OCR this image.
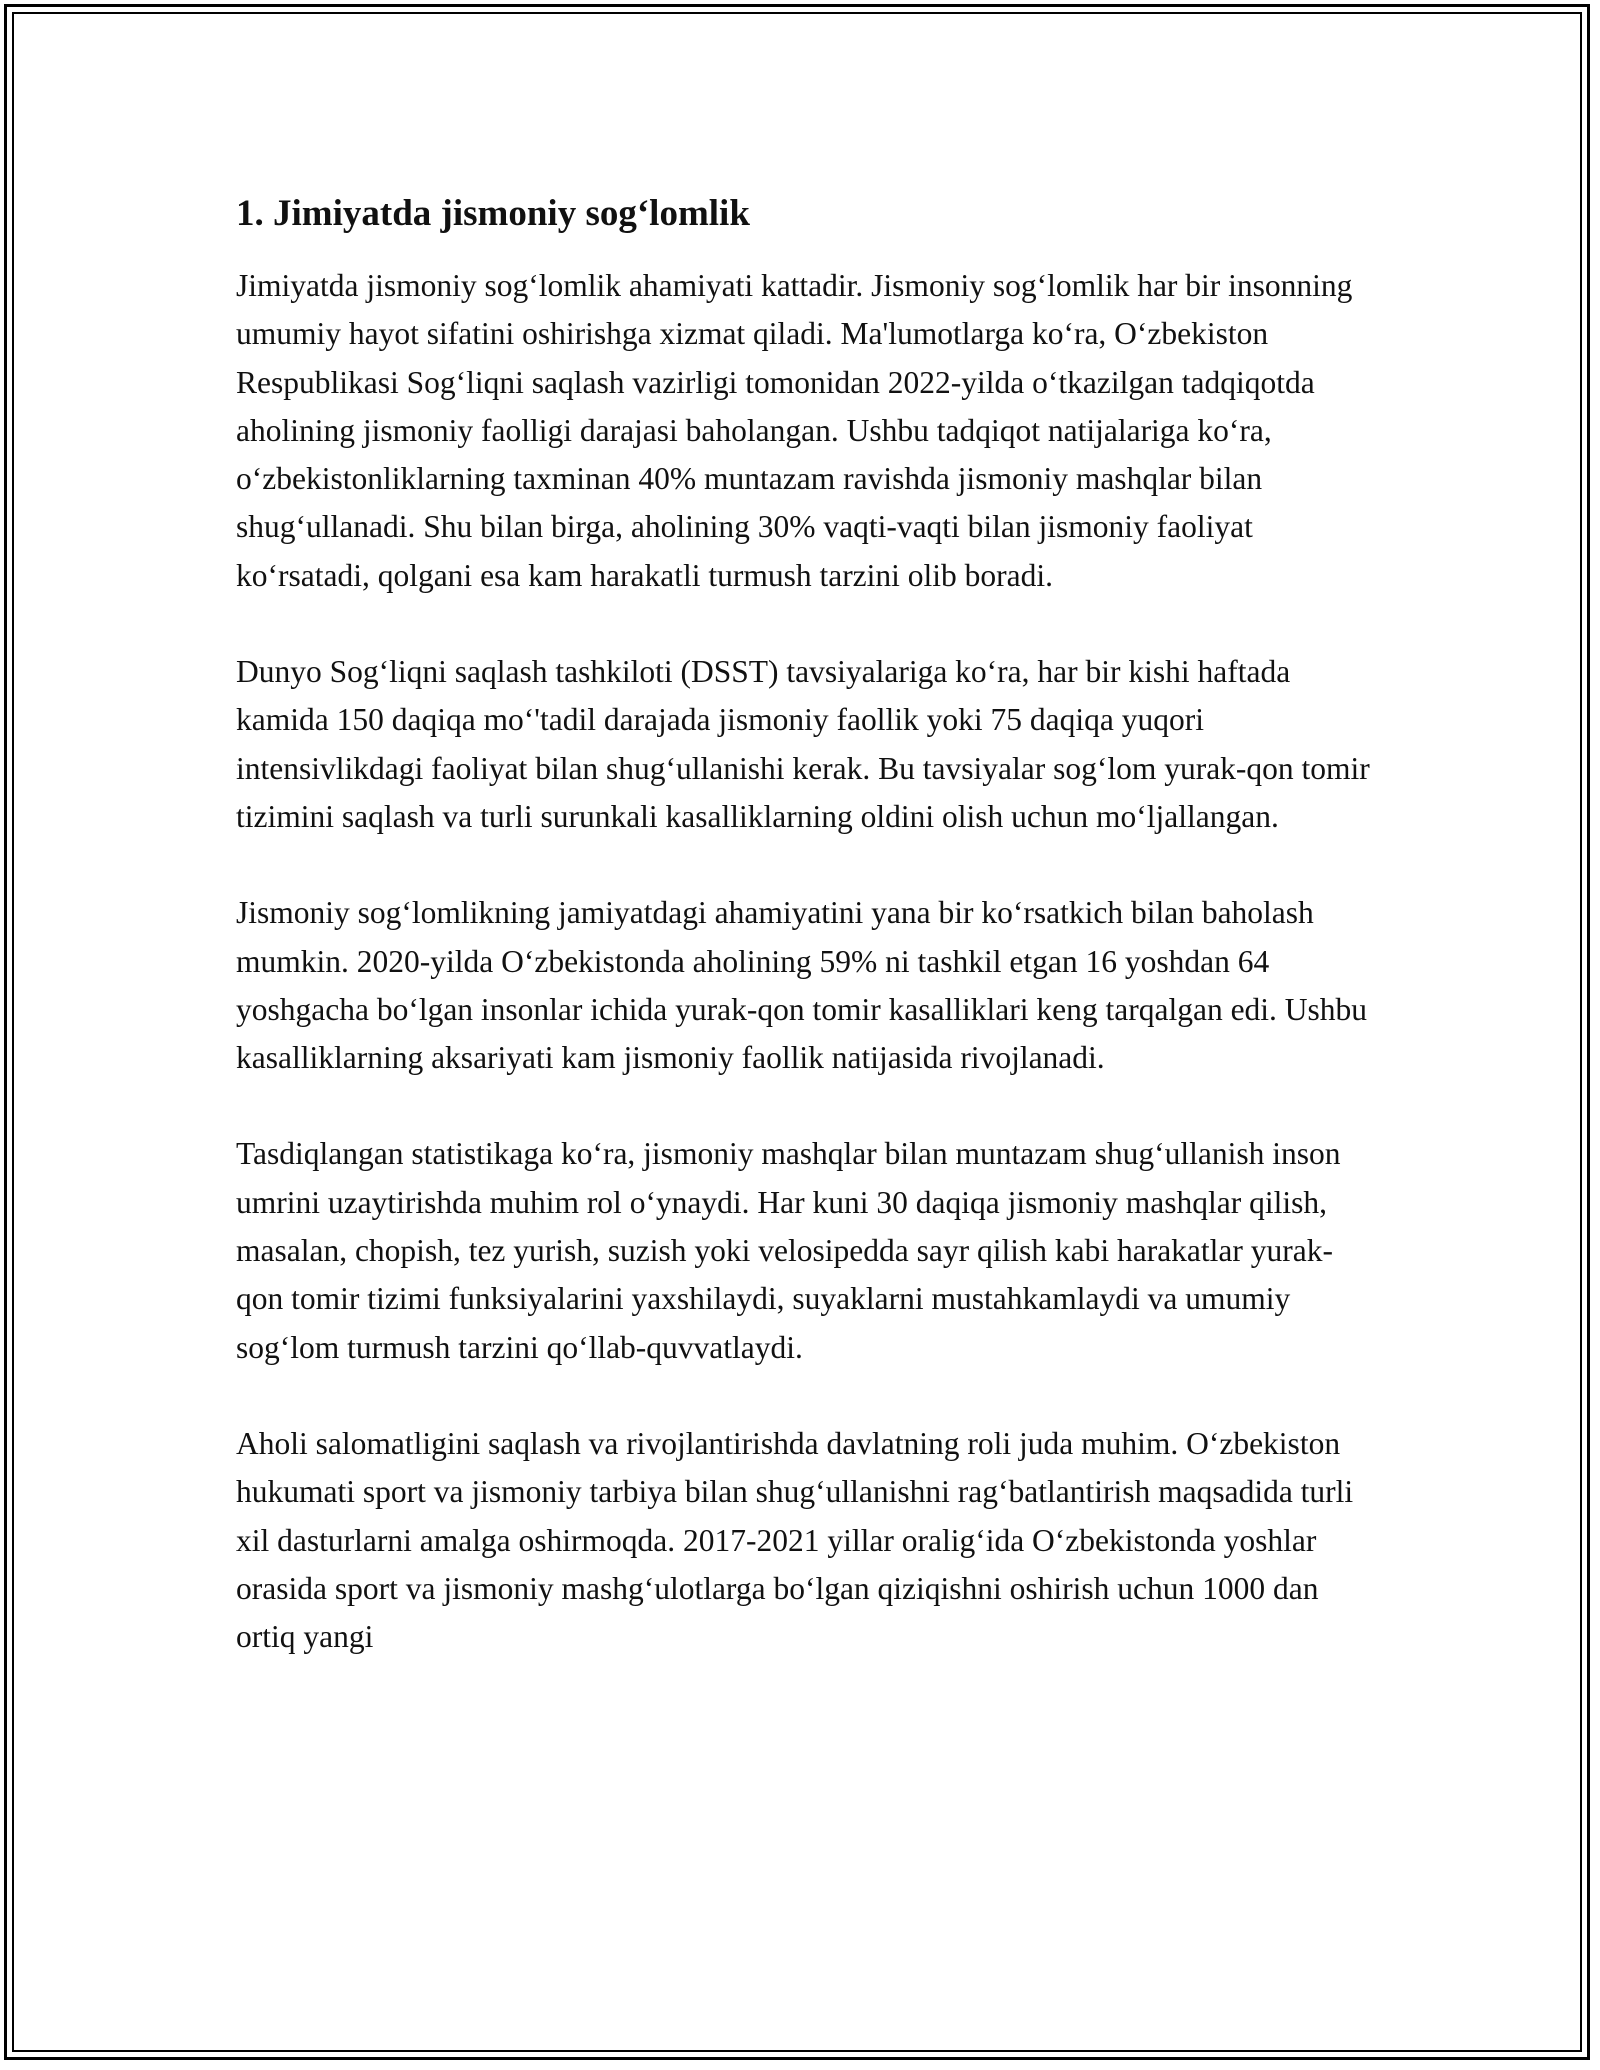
1. Jimiyatda jismoniy sog‘lomlik

Jimiyatda jismoniy sog‘lomlik ahamiyati kattadir. Jismoniy sog‘lomlik har bir insonning umumiy hayot sifatini oshirishga xizmat qiladi. Ma'lumotlarga ko‘ra, O‘zbekiston Respublikasi Sog‘liqni saqlash vazirligi tomonidan 2022-yilda o‘tkazilgan tadqiqotda aholining jismoniy faolligi darajasi baholangan. Ushbu tadqiqot natijalariga ko‘ra, o‘zbekistonliklarning taxminan 40% muntazam ravishda jismoniy mashqlar bilan shug‘ullanadi. Shu bilan birga, aholining 30% vaqti-vaqti bilan jismoniy faoliyat ko‘rsatadi, qolgani esa kam harakatli turmush tarzini olib boradi.

Dunyo Sog‘liqni saqlash tashkiloti (DSST) tavsiyalariga ko‘ra, har bir kishi haftada kamida 150 daqiqa mo‘'tadil darajada jismoniy faollik yoki 75 daqiqa yuqori intensivlikdagi faoliyat bilan shug‘ullanishi kerak. Bu tavsiyalar sog‘lom yurak-qon tomir tizimini saqlash va turli surunkali kasalliklarning oldini olish uchun mo‘ljallangan.

Jismoniy sog‘lomlikning jamiyatdagi ahamiyatini yana bir ko‘rsatkich bilan baholash mumkin. 2020-yilda O‘zbekistonda aholining 59% ni tashkil etgan 16 yoshdan 64 yoshgacha bo‘lgan insonlar ichida yurak-qon tomir kasalliklari keng tarqalgan edi. Ushbu kasalliklarning aksariyati kam jismoniy faollik natijasida rivojlanadi.

Tasdiqlangan statistikaga ko‘ra, jismoniy mashqlar bilan muntazam shug‘ullanish inson umrini uzaytirishda muhim rol o‘ynaydi. Har kuni 30 daqiqa jismoniy mashqlar qilish, masalan, chopish, tez yurish, suzish yoki velosipedda sayr qilish kabi harakatlar yurak-qon tomir tizimi funksiyalarini yaxshilaydi, suyaklarni mustahkamlaydi va umumiy sog‘lom turmush tarzini qo‘llab-quvvatlaydi.

Aholi salomatligini saqlash va rivojlantirishda davlatning roli juda muhim. O‘zbekiston hukumati sport va jismoniy tarbiya bilan shug‘ullanishni rag‘batlantirish maqsadida turli xil dasturlarni amalga oshirmoqda. 2017-2021 yillar oralig‘ida O‘zbekistonda yoshlar orasida sport va jismoniy mashg‘ulotlarga bo‘lgan qiziqishni oshirish uchun 1000 dan ortiq yangi
